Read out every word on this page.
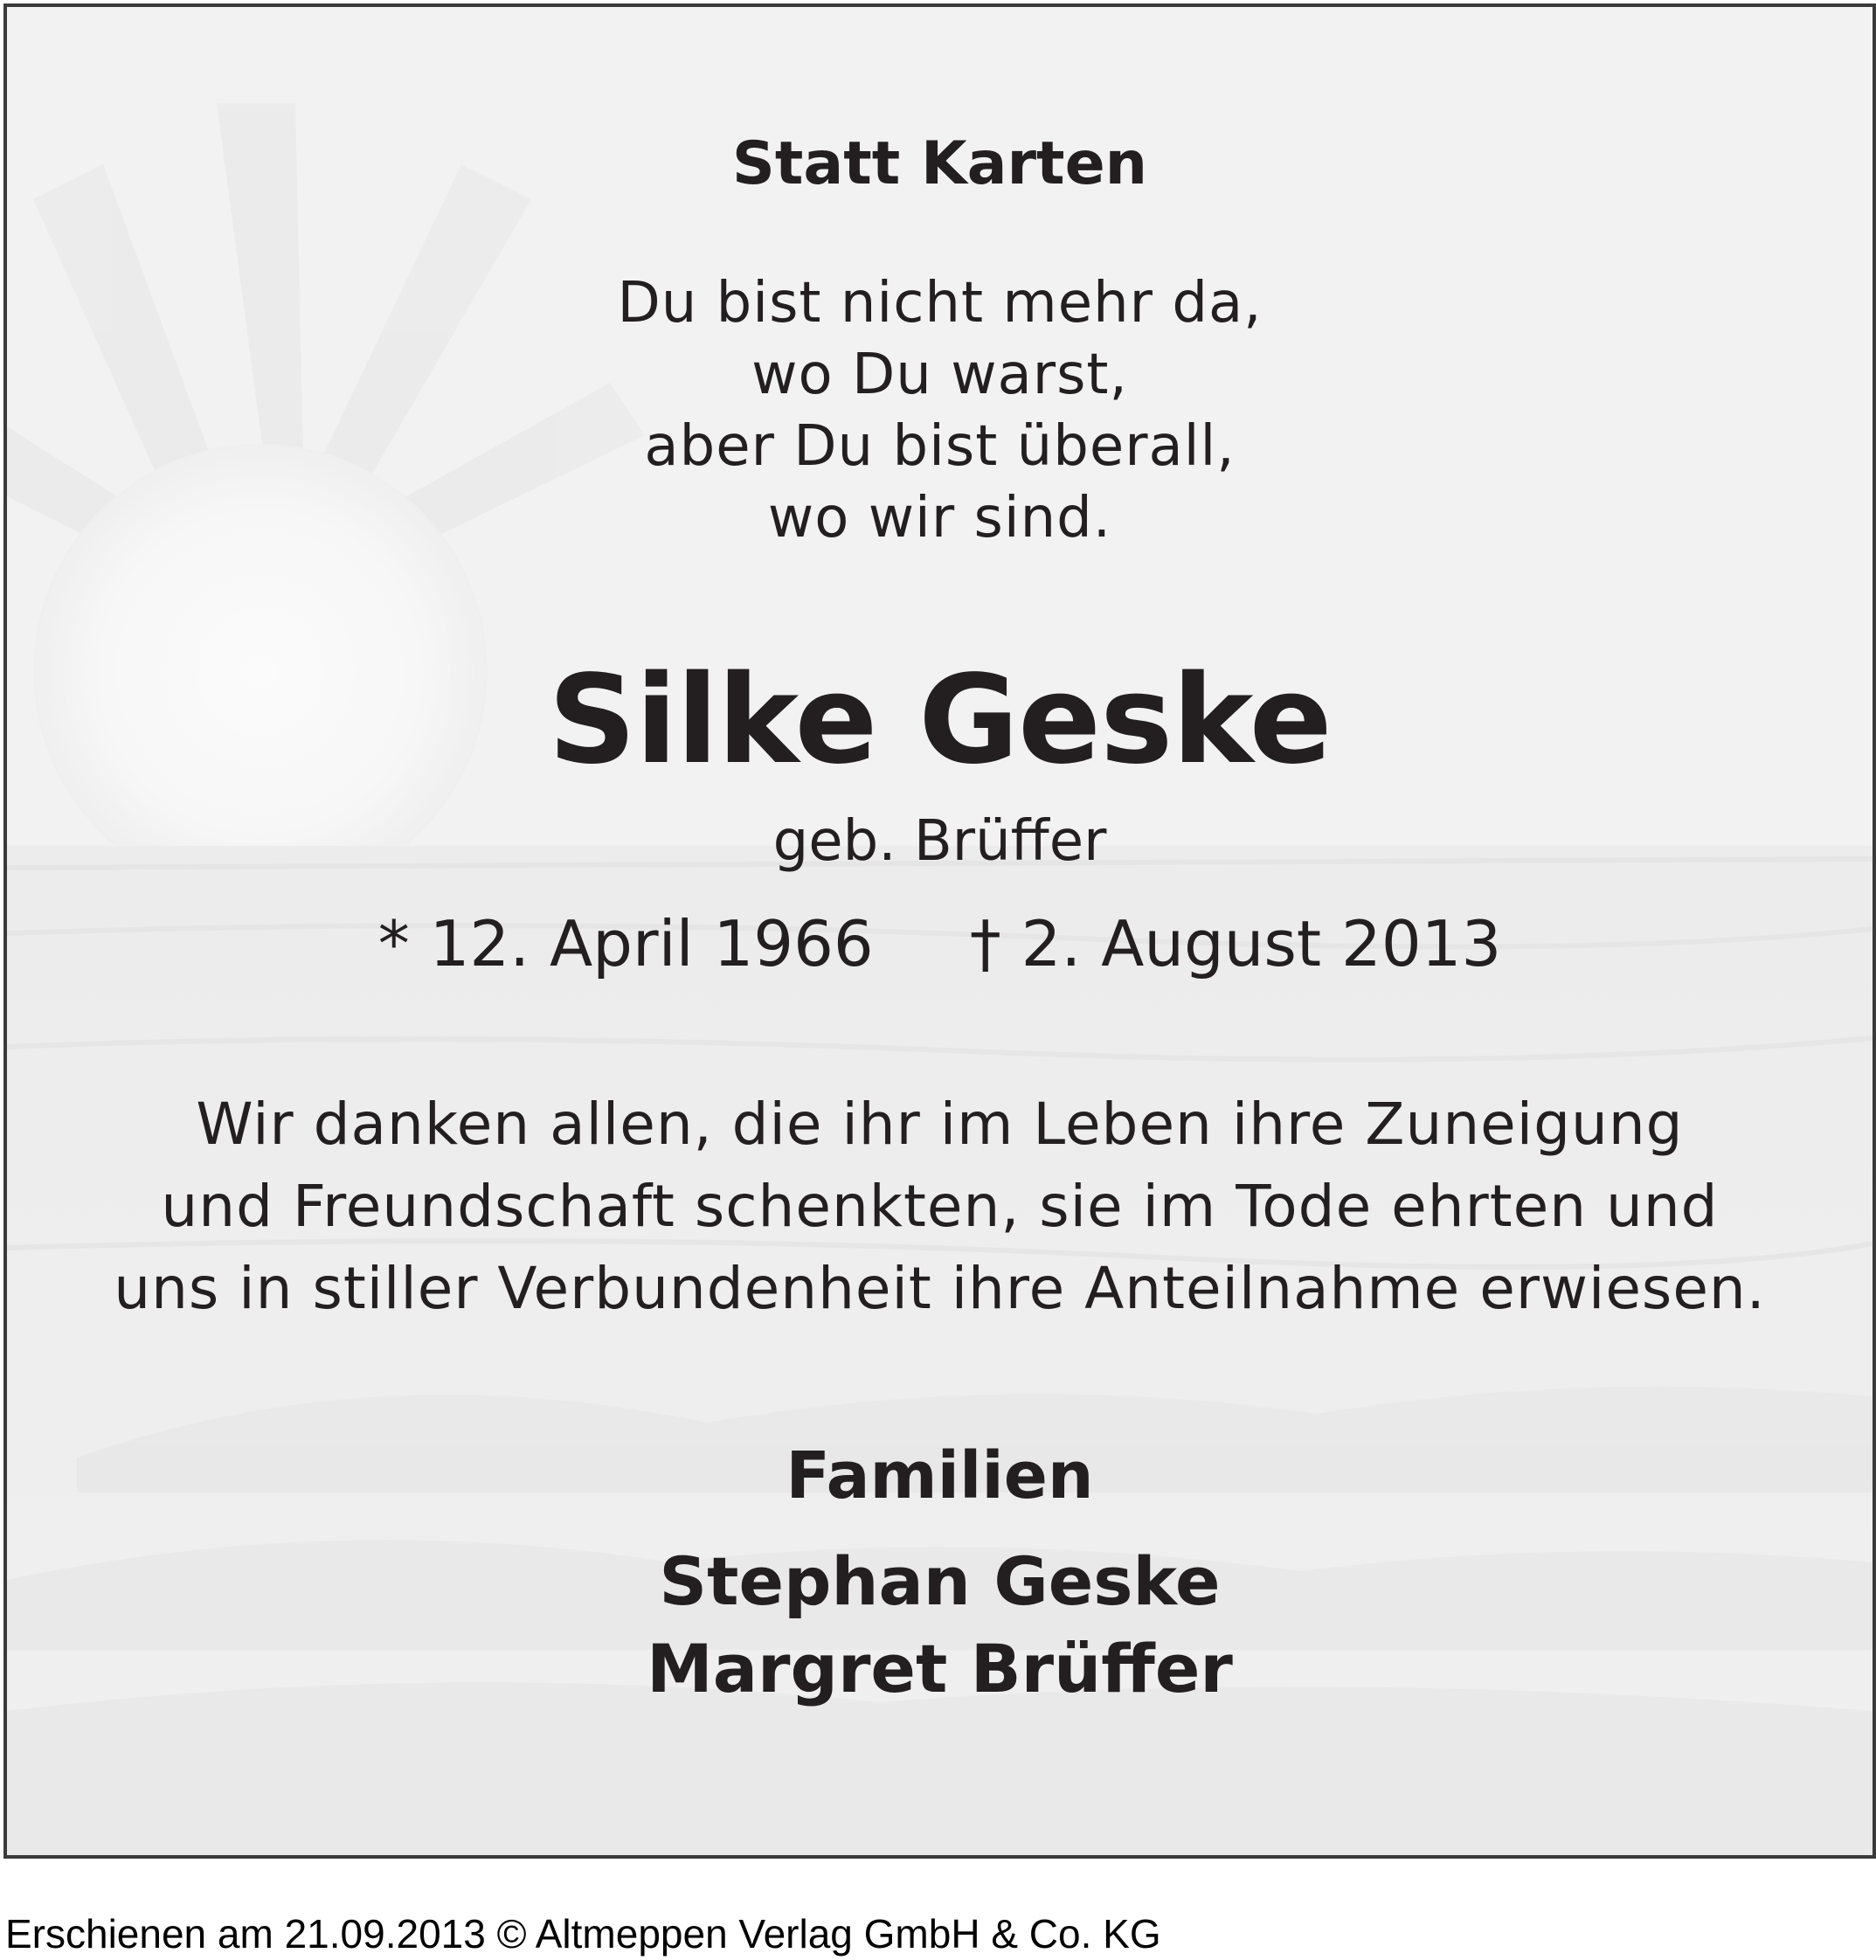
Statt Karten
Du bist nicht mehr da,
wo Du warst,
aber Du bist überall,
wo wir sind.
Silke Geske
geb. Brüffer
* 12. April 1966 † 2. August 2013
Wir danken allen, die ihr im Leben ihre Zuneigung
und Freundschaft schenkten, sie im Tode ehrten und
uns in stiller Verbundenheit ihre Anteilnahme erwiesen.
Familien
Stephan Geske
Margret Brüffer
Erschienen am 21.09.2013 © Altmeppen Verlag GmbH & Co. KG
